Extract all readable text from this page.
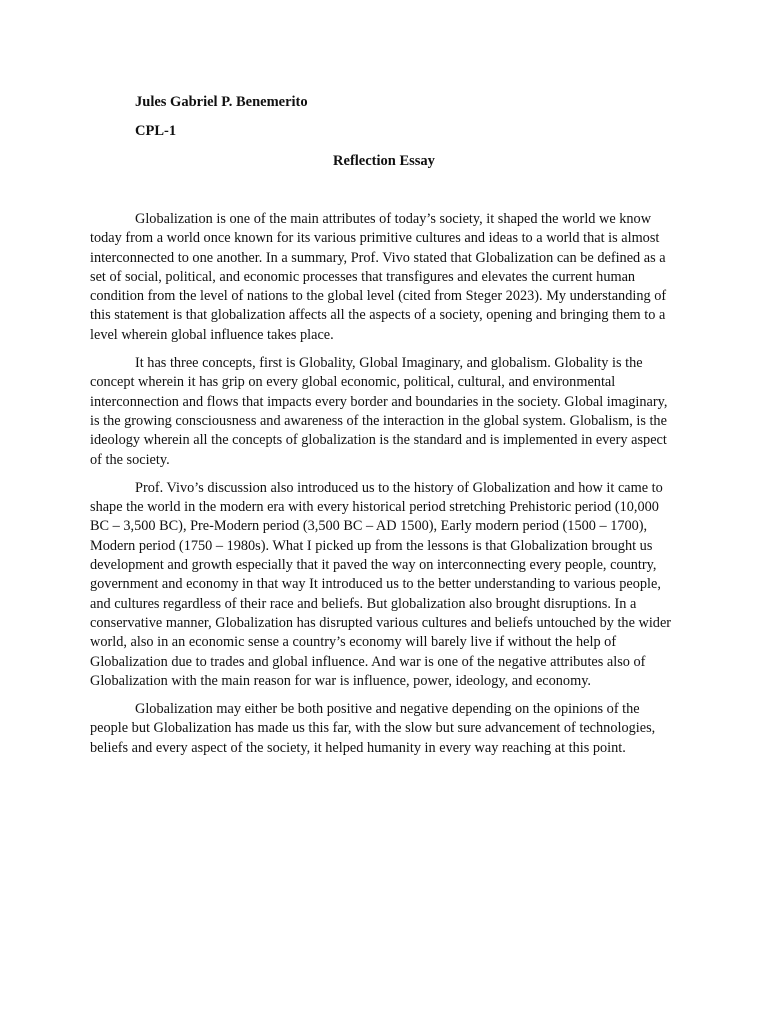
Jules Gabriel P. Benemerito
CPL-1
Reflection Essay

Globalization is one of the main attributes of today’s society, it shaped the world we know today from a world once known for its various primitive cultures and ideas to a world that is almost interconnected to one another. In a summary, Prof. Vivo stated that Globalization can be defined as a set of social, political, and economic processes that transfigures and elevates the current human condition from the level of nations to the global level (cited from Steger 2023). My understanding of this statement is that globalization affects all the aspects of a society, opening and bringing them to a level wherein global influence takes place.

It has three concepts, first is Globality, Global Imaginary, and globalism. Globality is the concept wherein it has grip on every global economic, political, cultural, and environmental interconnection and flows that impacts every border and boundaries in the society. Global imaginary, is the growing consciousness and awareness of the interaction in the global system. Globalism, is the ideology wherein all the concepts of globalization is the standard and is implemented in every aspect of the society.

Prof. Vivo’s discussion also introduced us to the history of Globalization and how it came to shape the world in the modern era with every historical period stretching Prehistoric period (10,000 BC – 3,500 BC), Pre-Modern period (3,500 BC – AD 1500), Early modern period (1500 – 1700), Modern period (1750 – 1980s). What I picked up from the lessons is that Globalization brought us development and growth especially that it paved the way on interconnecting every people, country, government and economy in that way It introduced us to the better understanding to various people, and cultures regardless of their race and beliefs. But globalization also brought disruptions. In a conservative manner, Globalization has disrupted various cultures and beliefs untouched by the wider world, also in an economic sense a country’s economy will barely live if without the help of Globalization due to trades and global influence. And war is one of the negative attributes also of Globalization with the main reason for war is influence, power, ideology, and economy.

Globalization may either be both positive and negative depending on the opinions of the people but Globalization has made us this far, with the slow but sure advancement of technologies, beliefs and every aspect of the society, it helped humanity in every way reaching at this point.
